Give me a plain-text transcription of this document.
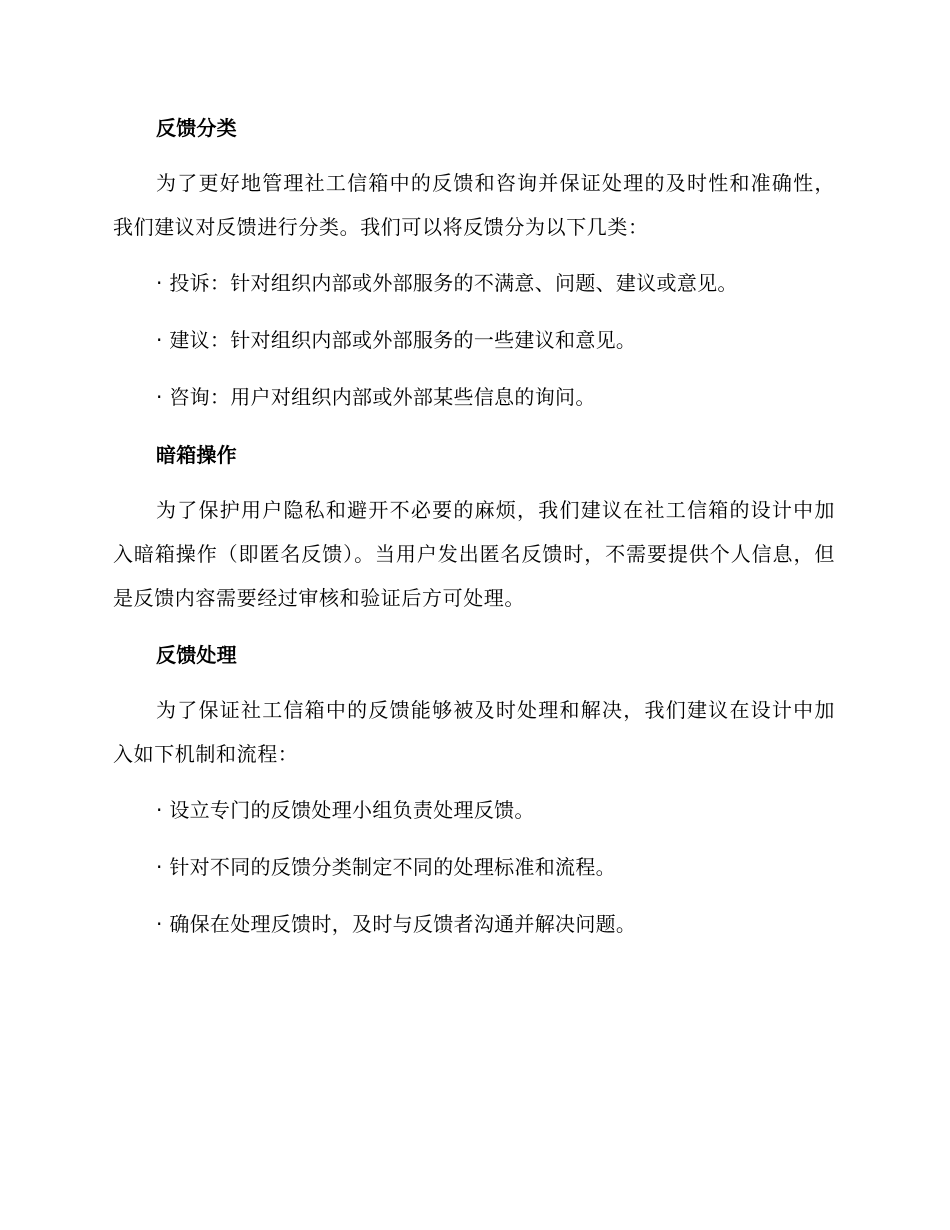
反馈分类

为了更好地管理社工信箱中的反馈和咨询并保证处理的及时性和准确性，我们建议对反馈进行分类。我们可以将反馈分为以下几类：

· 投诉：针对组织内部或外部服务的不满意、问题、建议或意见。
· 建议：针对组织内部或外部服务的一些建议和意见。
· 咨询：用户对组织内部或外部某些信息的询问。
暗箱操作

为了保护用户隐私和避开不必要的麻烦，我们建议在社工信箱的设计中加入暗箱操作（即匿名反馈）。当用户发出匿名反馈时，不需要提供个人信息，但是反馈内容需要经过审核和验证后方可处理。

反馈处理

为了保证社工信箱中的反馈能够被及时处理和解决，我们建议在设计中加入如下机制和流程：

· 设立专门的反馈处理小组负责处理反馈。
· 针对不同的反馈分类制定不同的处理标准和流程。
· 确保在处理反馈时，及时与反馈者沟通并解决问题。
